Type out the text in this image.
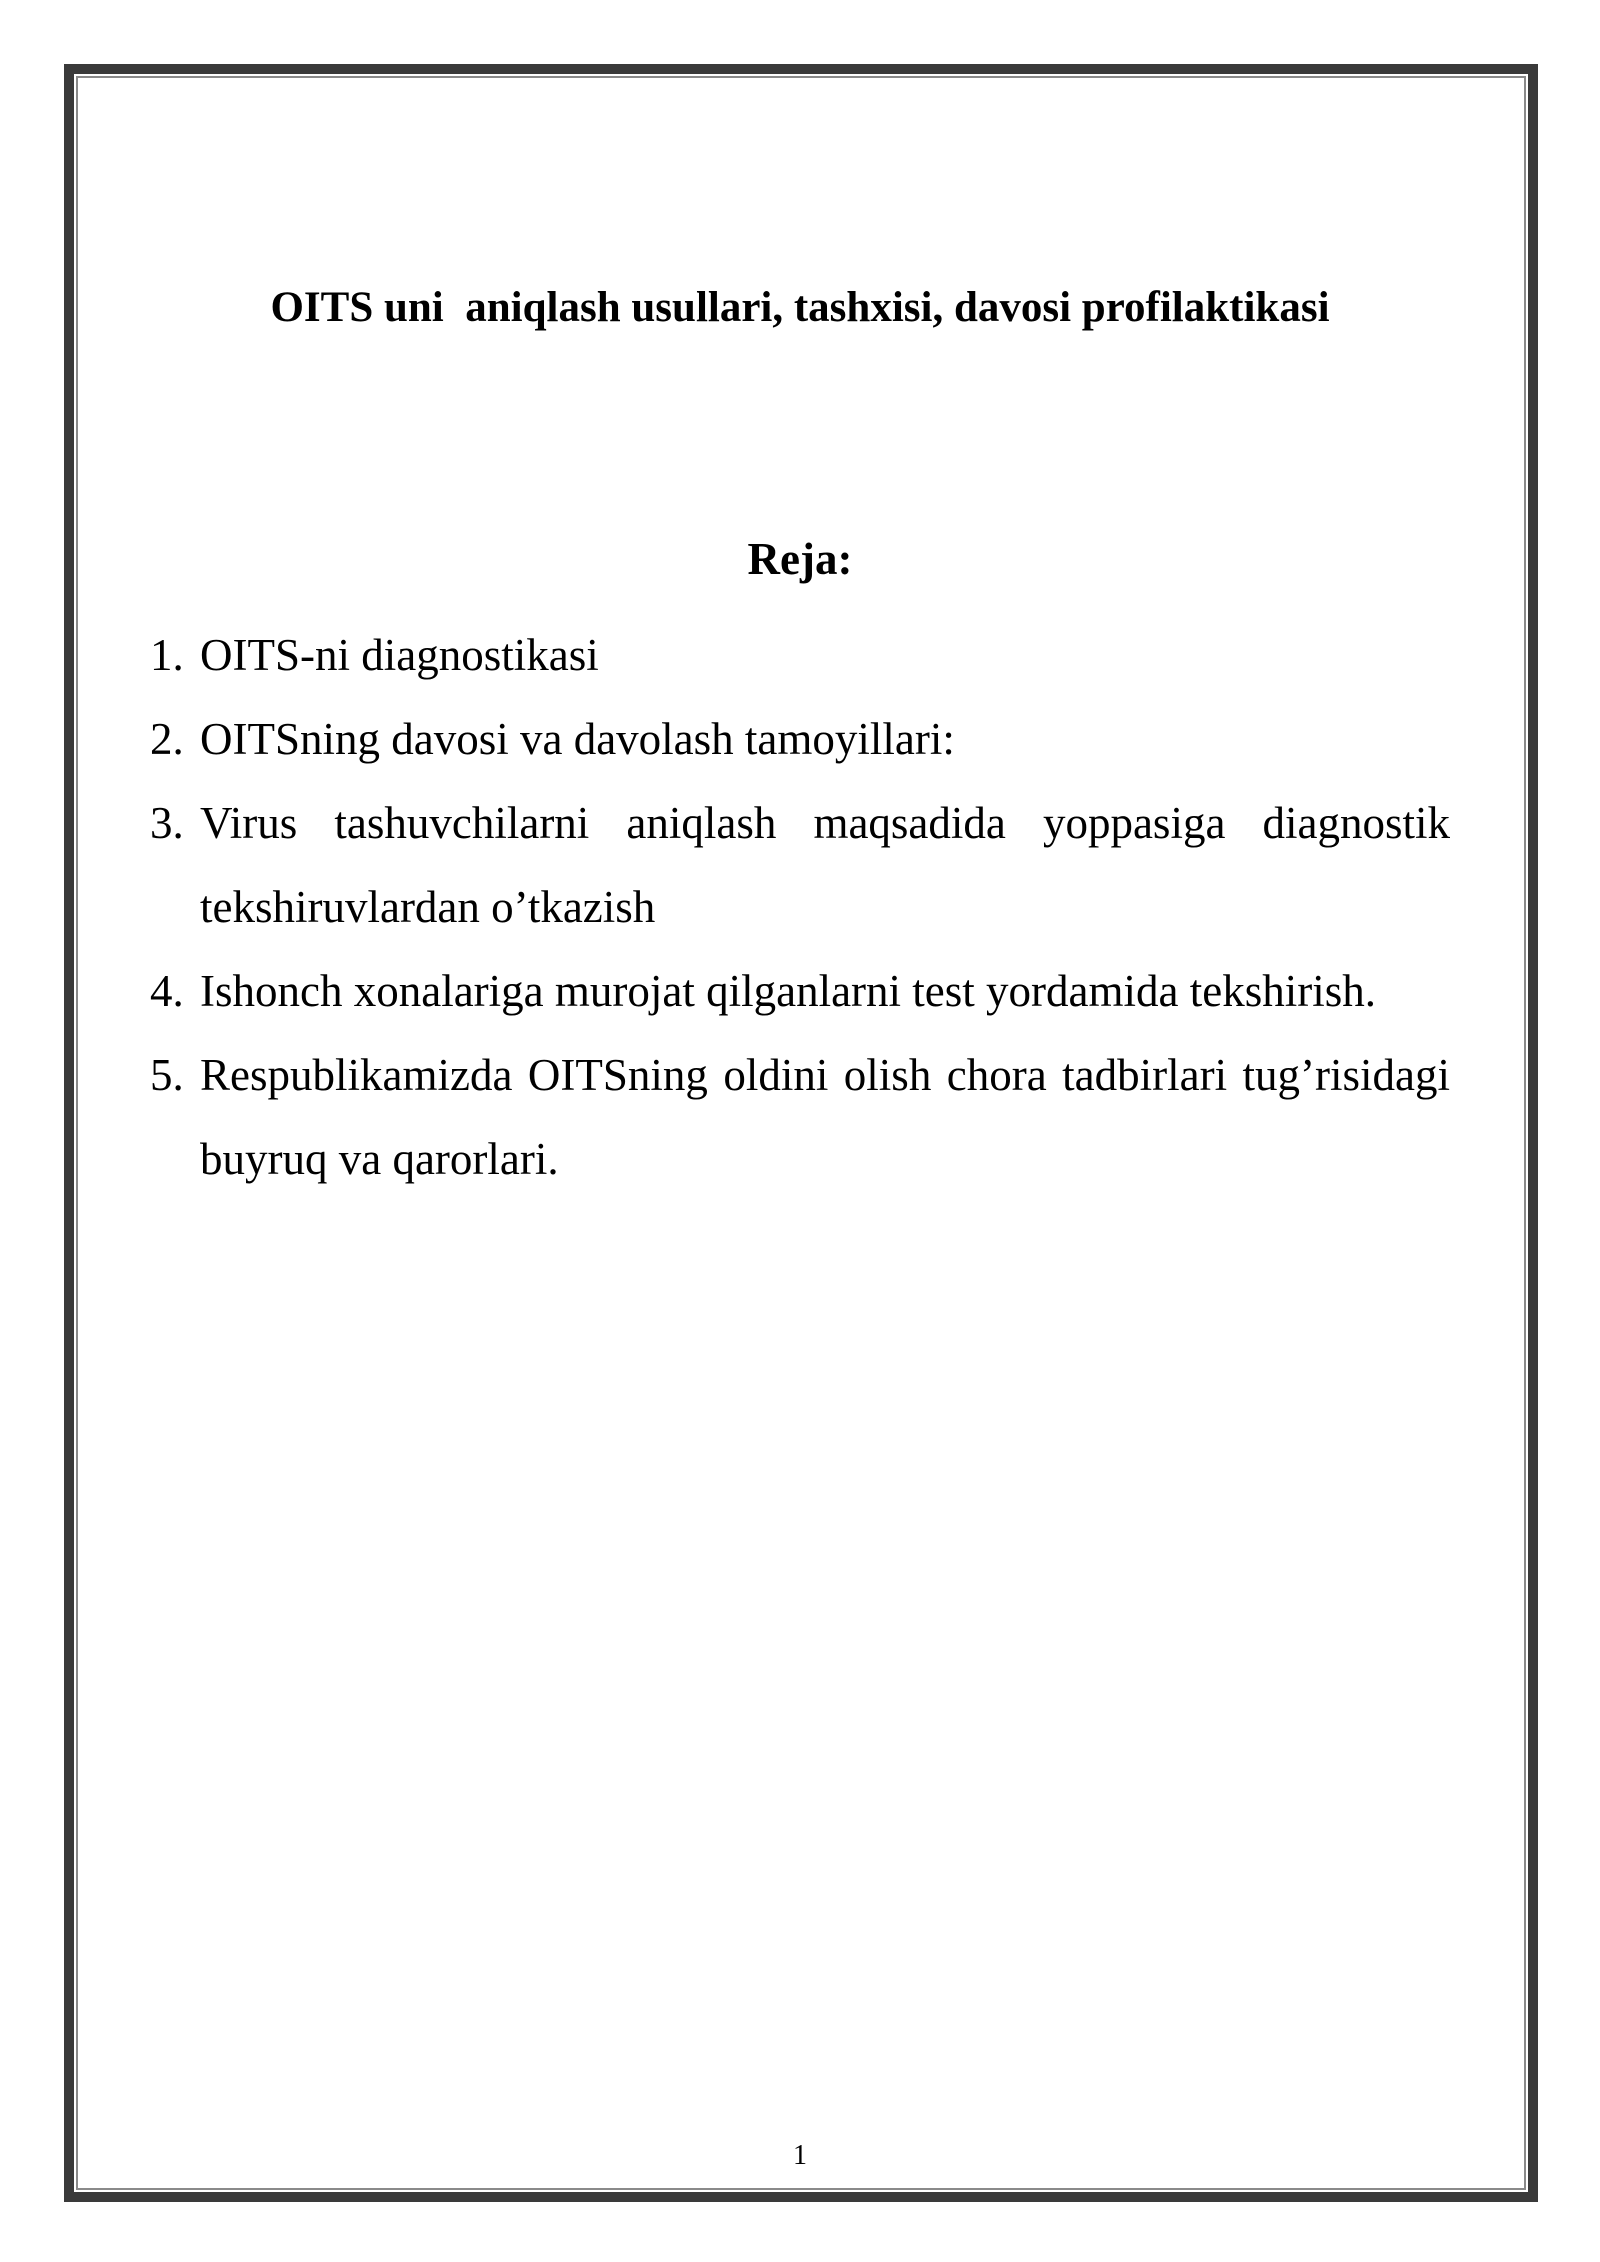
OITS uni  aniqlash usullari, tashxisi, davosi profilaktikasi
Reja:
1. OITS-ni diagnostikasi
2. OITSning davosi va davolash tamoyillari:
3. Virus tashuvchilarni aniqlash maqsadida yoppasiga diagnostik tekshiruvlardan o’tkazish
4. Ishonch xonalariga murojat qilganlarni test yordamida tekshirish.
5. Respublikamizda OITSning oldini olish chora tadbirlari tug’risidagi buyruq va qarorlari.
1
